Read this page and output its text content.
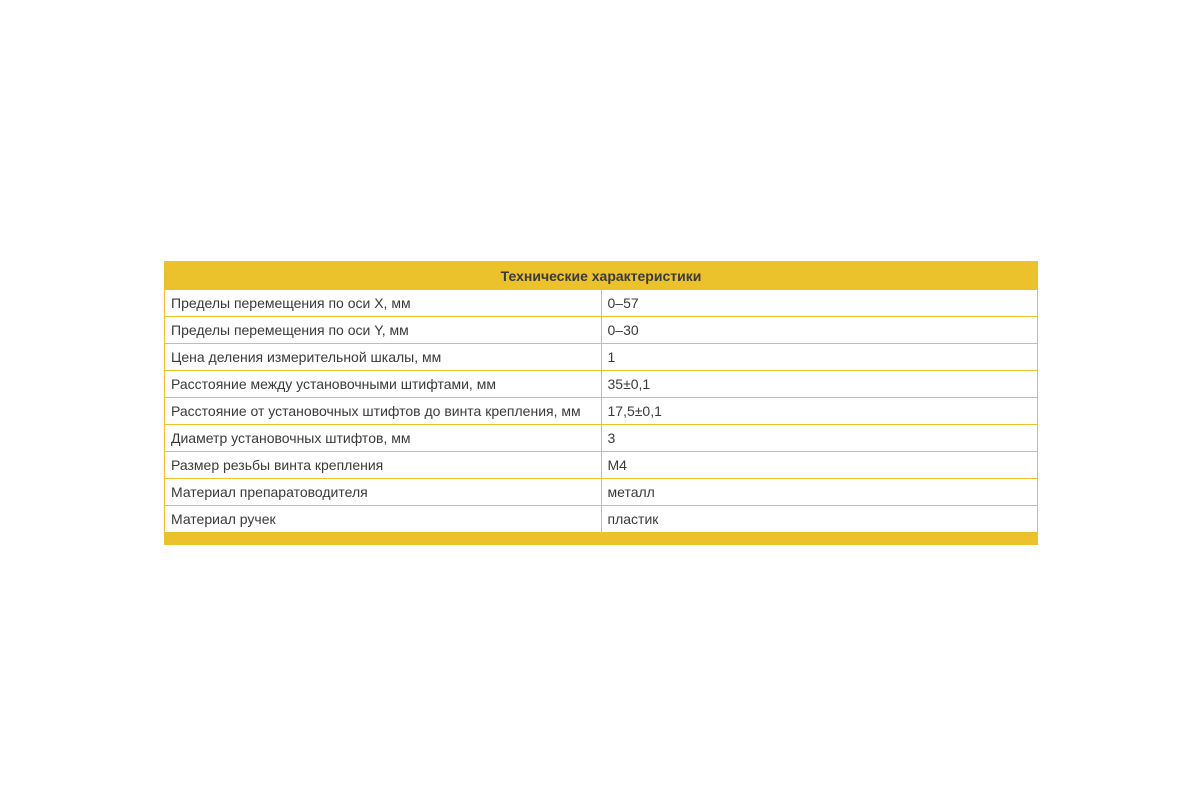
Технические характеристики	
Пределы перемещения по оси X, мм	0–57
Пределы перемещения по оси Y, мм	0–30
Цена деления измерительной шкалы, мм	1
Расстояние между установочными штифтами, мм	35±0,1
Расстояние от установочных штифтов до винта крепления, мм	17,5±0,1
Диаметр установочных штифтов, мм	3
Размер резьбы винта крепления	М4
Материал препаратоводителя	металл
Материал ручек	пластик
